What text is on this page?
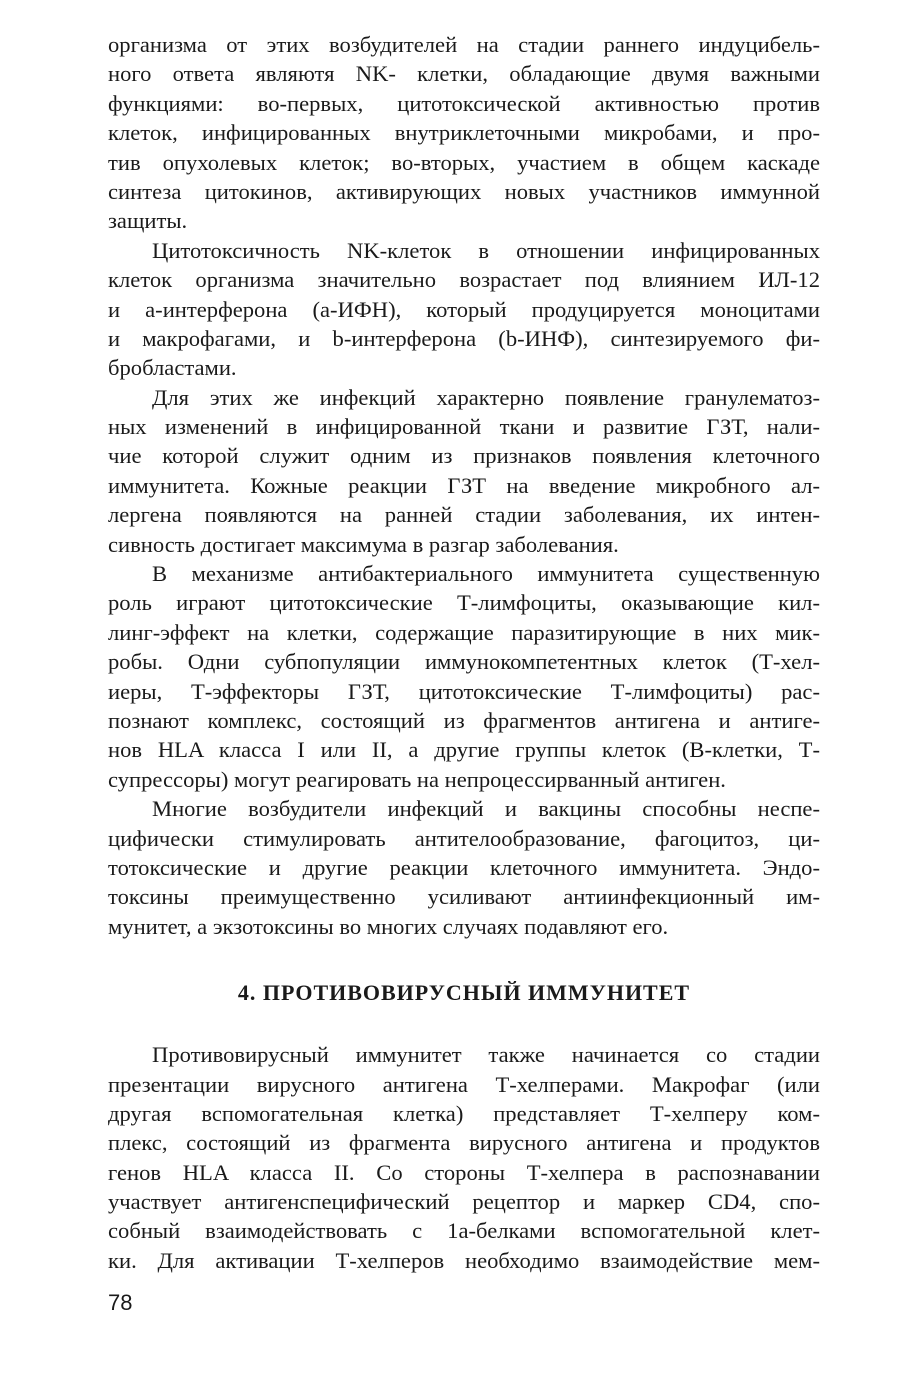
организма от этих возбудителей на стадии раннего индуцибель-
ного ответа являютя NK- клетки, обладающие двумя важными
функциями: во-первых, цитотоксической активностью против
клеток, инфицированных внутриклеточными микробами, и про-
тив опухолевых клеток; во-вторых, участием в общем каскаде
синтеза цитокинов, активирующих новых участников иммунной
защиты.
Цитотоксичность NK-клеток в отношении инфицированных
клеток организма значительно возрастает под влиянием ИЛ-12
и а-интерферона (а-ИФН), который продуцируется моноцитами
и макрофагами, и b-интерферона (b-ИНФ), синтезируемого фи-
бробластами.
Для этих же инфекций характерно появление гранулематоз-
ных изменений в инфицированной ткани и развитие ГЗТ, нали-
чие которой служит одним из признаков появления клеточного
иммунитета. Кожные реакции ГЗТ на введение микробного ал-
лергена появляются на ранней стадии заболевания, их интен-
сивность достигает максимума в разгар заболевания.
В механизме антибактериального иммунитета существенную
роль играют цитотоксические Т-лимфоциты, оказывающие кил-
линг-эффект на клетки, содержащие паразитирующие в них мик-
робы. Одни субпопуляции иммунокомпетентных клеток (Т-хел-
иеры, Т-эффекторы ГЗТ, цитотоксические Т-лимфоциты) рас-
познают комплекс, состоящий из фрагментов антигена и антиге-
нов HLA класса I или II, а другие группы клеток (В-клетки, Т-
супрессоры) могут реагировать на непроцессирванный антиген.
Многие возбудители инфекций и вакцины способны неспе-
цифически стимулировать антителообразование, фагоцитоз, ци-
тотоксические и другие реакции клеточного иммунитета. Эндо-
токсины преимущественно усиливают антиинфекционный им-
мунитет, а экзотоксины во многих случаях подавляют его.
4. ПРОТИВОВИРУСНЫЙ ИММУНИТЕТ
Противовирусный иммунитет также начинается со стадии
презентации вирусного антигена Т-хелперами. Макрофаг (или
другая вспомогательная клетка) представляет Т-хелперу ком-
плекс, состоящий из фрагмента вирусного антигена и продуктов
генов HLA класса II. Со стороны Т-хелпера в распознавании
участвует антигенспецифический рецептор и маркер CD4, спо-
собный взаимодействовать с 1а-белками вспомогательной клет-
ки. Для активации Т-хелперов необходимо взаимодействие мем-
78
